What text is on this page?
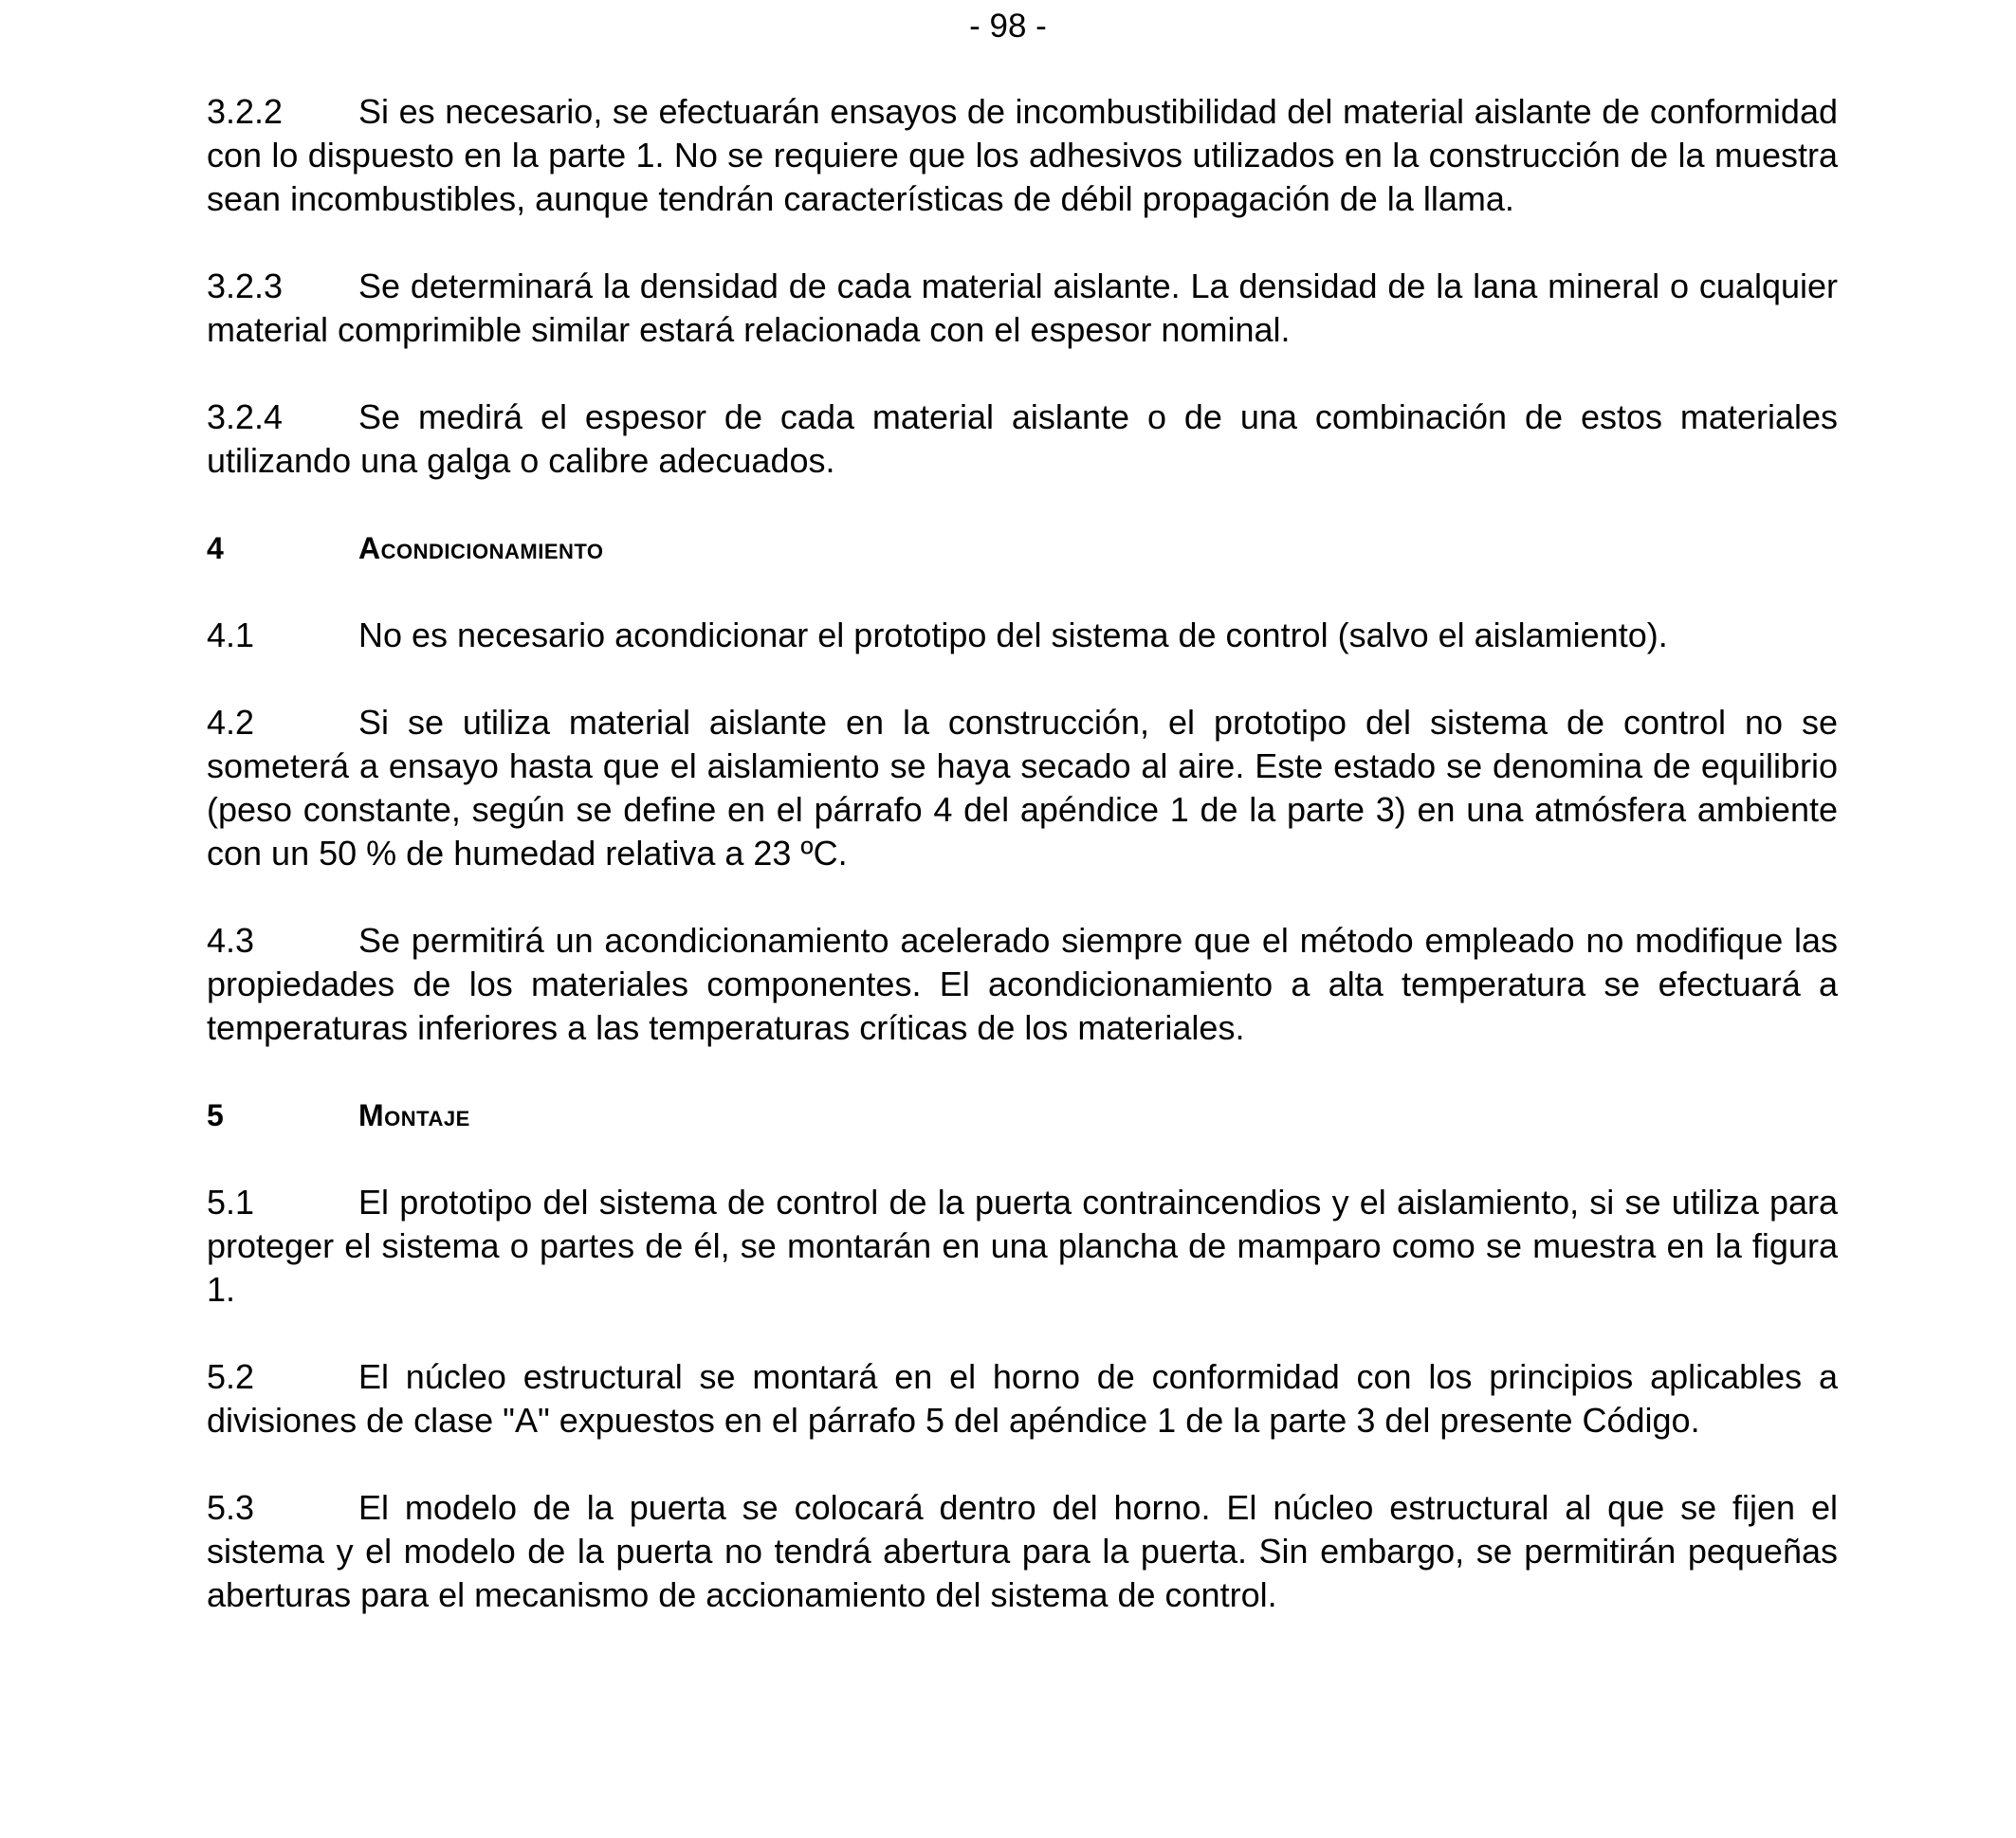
- 98 -

3.2.2 Si es necesario, se efectuarán ensayos de incombustibilidad del material aislante de conformidad con lo dispuesto en la parte 1. No se requiere que los adhesivos utilizados en la construcción de la muestra sean incombustibles, aunque tendrán características de débil propagación de la llama.

3.2.3 Se determinará la densidad de cada material aislante. La densidad de la lana mineral o cualquier material comprimible similar estará relacionada con el espesor nominal.

3.2.4 Se medirá el espesor de cada material aislante o de una combinación de estos materiales utilizando una galga o calibre adecuados.

4	Acondicionamiento

4.1	No es necesario acondicionar el prototipo del sistema de control (salvo el aislamiento).

4.2	Si se utiliza material aislante en la construcción, el prototipo del sistema de control no se someterá a ensayo hasta que el aislamiento se haya secado al aire. Este estado se denomina de equilibrio (peso constante, según se define en el párrafo 4 del apéndice 1 de la parte 3) en una atmósfera ambiente con un 50 % de humedad relativa a 23 ºC.

4.3	Se permitirá un acondicionamiento acelerado siempre que el método empleado no modifique las propiedades de los materiales componentes. El acondicionamiento a alta temperatura se efectuará a temperaturas inferiores a las temperaturas críticas de los materiales.

5	Montaje

5.1	El prototipo del sistema de control de la puerta contraincendios y el aislamiento, si se utiliza para proteger el sistema o partes de él, se montarán en una plancha de mamparo como se muestra en la figura 1.

5.2	El núcleo estructural se montará en el horno de conformidad con los principios aplicables a divisiones de clase "A" expuestos en el párrafo 5 del apéndice 1 de la parte 3 del presente Código.

5.3	El modelo de la puerta se colocará dentro del horno. El núcleo estructural al que se fijen el sistema y el modelo de la puerta no tendrá abertura para la puerta. Sin embargo, se permitirán pequeñas aberturas para el mecanismo de accionamiento del sistema de control.
